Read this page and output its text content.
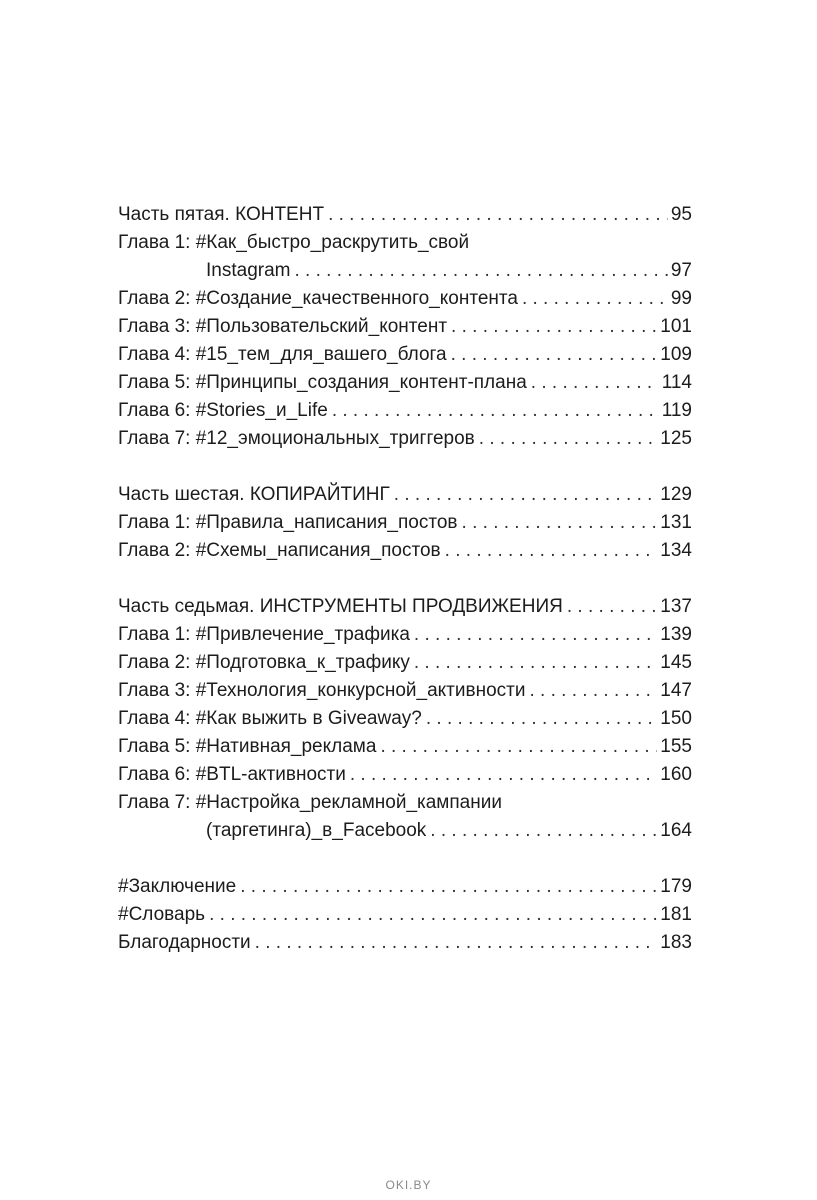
Часть пятая. КОНТЕНТ . . .	95
Глава 1: #Как_быстро_раскрутить_свой
Instagram . . .	97
Глава 2: #Создание_качественного_контента . . .	99
Глава 3: #Пользовательский_контент . . .	101
Глава 4: #15_тем_для_вашего_блога . . .	109
Глава 5: #Принципы_создания_контент-плана . . .	114
Глава 6: #Stories_и_Life . . .	119
Глава 7: #12_эмоциональных_триггеров . . .	125
Часть шестая. КОПИРАЙТИНГ . . .	129
Глава 1: #Правила_написания_постов . . .	131
Глава 2: #Схемы_написания_постов . . .	134
Часть седьмая. ИНСТРУМЕНТЫ ПРОДВИЖЕНИЯ . . .	137
Глава 1: #Привлечение_трафика . . .	139
Глава 2: #Подготовка_к_трафику . . .	145
Глава 3: #Технология_конкурсной_активности . . .	147
Глава 4: #Как выжить в Giveaway? . . .	150
Глава 5: #Нативная_реклама . . .	155
Глава 6: #BTL-активности . . .	160
Глава 7: #Настройка_рекламной_кампании
(таргетинга)_в_Facebook . . .	164
#Заключение . . .	179
#Словарь . . .	181
Благодарности . . .	183
OKI.BY
